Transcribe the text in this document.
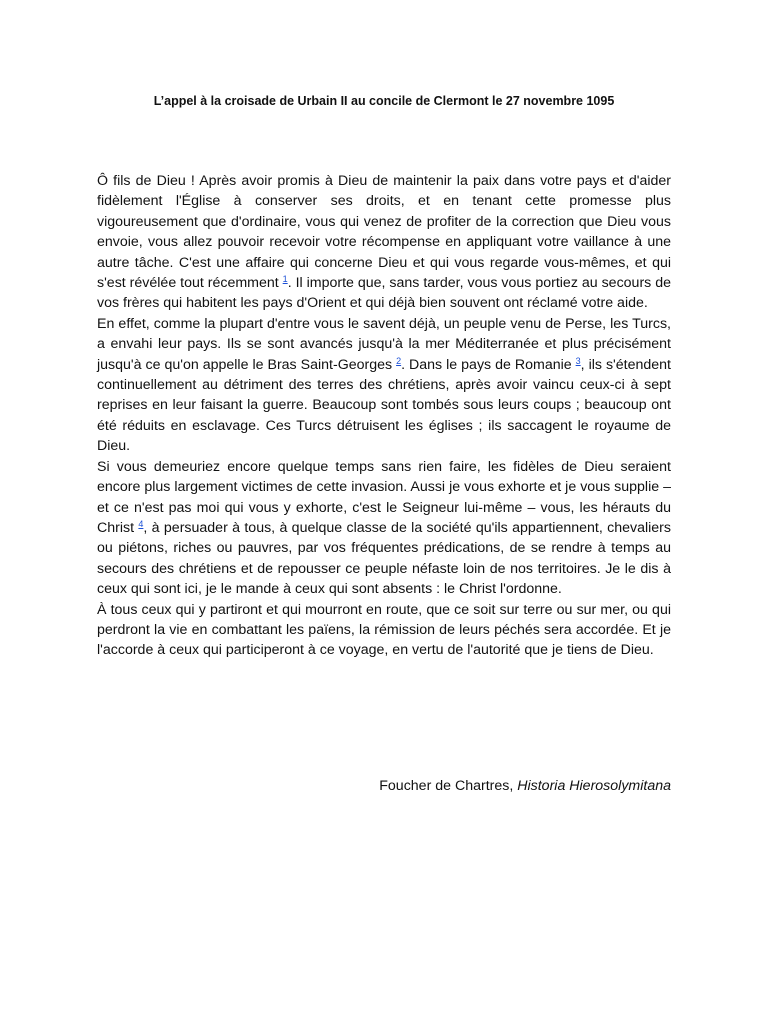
L’appel à la croisade de Urbain II au concile de Clermont le 27 novembre 1095

Ô fils de Dieu ! Après avoir promis à Dieu de maintenir la paix dans votre pays et d'aider fidèlement l'Église à conserver ses droits, et en tenant cette promesse plus vigoureusement que d'ordinaire, vous qui venez de profiter de la correction que Dieu vous envoie, vous allez pouvoir recevoir votre récompense en appliquant votre vaillance à une autre tâche. C'est une affaire qui concerne Dieu et qui vous regarde vous-mêmes, et qui s'est révélée tout récemment $^1$. Il importe que, sans tarder, vous vous portiez au secours de vos frères qui habitent les pays d'Orient et qui déjà bien souvent ont réclamé votre aide.

En effet, comme la plupart d'entre vous le savent déjà, un peuple venu de Perse, les Turcs, a envahi leur pays. Ils se sont avancés jusqu'à la mer Méditerranée et plus précisément jusqu'à ce qu'on appelle le Bras Saint-Georges $^2$. Dans le pays de Romanie $^3$, ils s'étendent continuellement au détriment des terres des chrétiens, après avoir vaincu ceux-ci à sept reprises en leur faisant la guerre. Beaucoup sont tombés sous leurs coups ; beaucoup ont été réduits en esclavage. Ces Turcs détruisent les églises ; ils saccagent le royaume de Dieu.

Si vous demeuriez encore quelque temps sans rien faire, les fidèles de Dieu seraient encore plus largement victimes de cette invasion. Aussi je vous exhorte et je vous supplie – et ce n'est pas moi qui vous y exhorte, c'est le Seigneur lui-même – vous, les hérauts du Christ $^4$, à persuader à tous, à quelque classe de la société qu'ils appartiennent, chevaliers ou piétons, riches ou pauvres, par vos fréquentes prédications, de se rendre à temps au secours des chrétiens et de repousser ce peuple néfaste loin de nos territoires. Je le dis à ceux qui sont ici, je le mande à ceux qui sont absents : le Christ l'ordonne.

À tous ceux qui y partiront et qui mourront en route, que ce soit sur terre ou sur mer, ou qui perdront la vie en combattant les païens, la rémission de leurs péchés sera accordée. Et je l'accorde à ceux qui participeront à ce voyage, en vertu de l'autorité que je tiens de Dieu.

Foucher de Chartres, Historia Hierosolymitana
